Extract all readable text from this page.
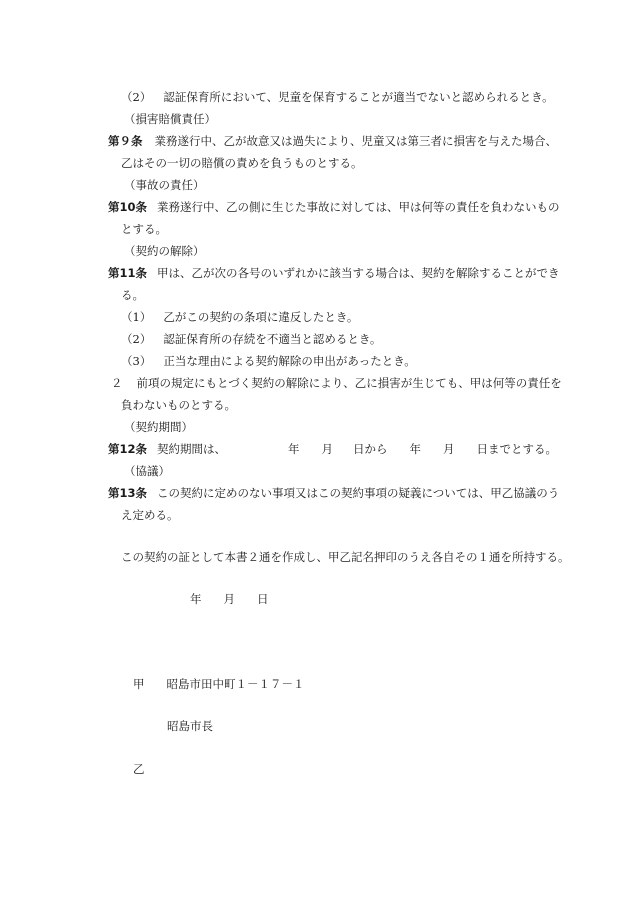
（2） 認証保育所において、児童を保育することが適当でないと認められるとき。
（損害賠償責任）
第９条 業務遂行中、乙が故意又は過失により、児童又は第三者に損害を与えた場合、
乙はその一切の賠償の責めを負うものとする。
（事故の責任）
第10条 業務遂行中、乙の側に生じた事故に対しては、甲は何等の責任を負わないもの
とする。
（契約の解除）
第11条 甲は、乙が次の各号のいずれかに該当する場合は、契約を解除することができ
る。
（1） 乙がこの契約の条項に違反したとき。
（2） 認証保育所の存続を不適当と認めるとき。
（3） 正当な理由による契約解除の申出があったとき。
２ 前項の規定にもとづく契約の解除により、乙に損害が生じても、甲は何等の責任を
負わないものとする。
（契約期間）
第12条 契約期間は、	年 月 日から 年 月 日までとする。
（協議）
第13条 この契約に定めのない事項又はこの契約事項の疑義については、甲乙協議のう
え定める。
この契約の証として本書２通を作成し、甲乙記名押印のうえ各自その１通を所持する。
年 月 日
甲 昭島市田中町１－１７－１
昭島市長
乙
